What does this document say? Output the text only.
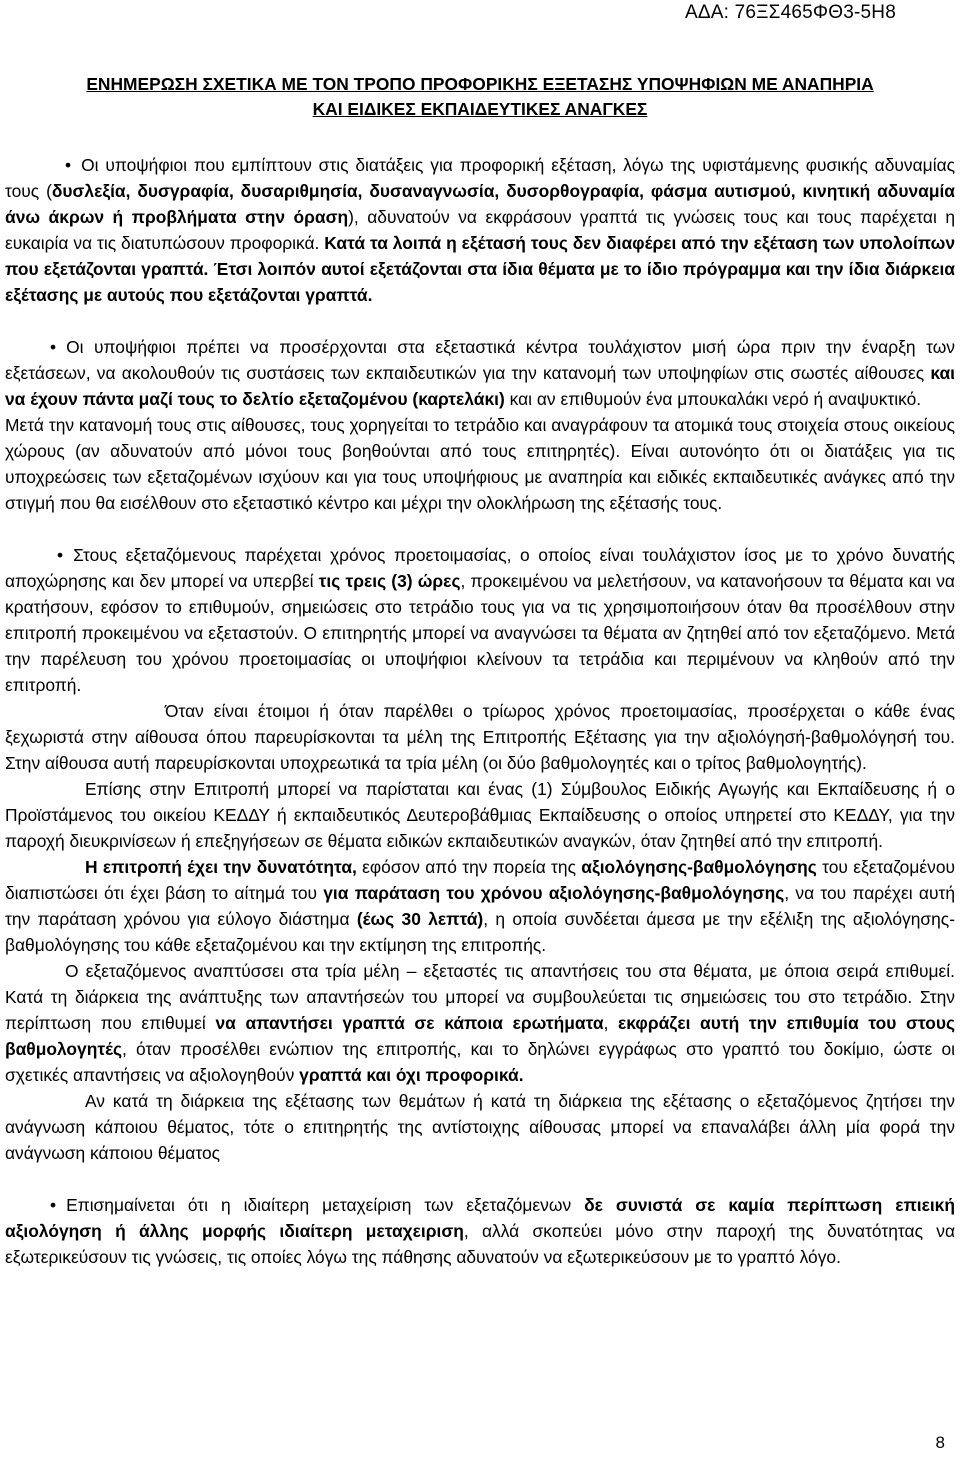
ΑΔΑ: 76ΞΣ465ΦΘ3-5Η8
ΕΝΗΜΕΡΩΣΗ ΣΧΕΤΙΚΑ ΜΕ ΤΟΝ ΤΡΟΠΟ ΠΡΟΦΟΡΙΚΗΣ ΕΞΕΤΑΣΗΣ ΥΠΟΨΗΦΙΩΝ ΜΕ ΑΝΑΠΗΡΙΑ
ΚΑΙ ΕΙΔΙΚΕΣ ΕΚΠΑΙΔΕΥΤΙΚΕΣ ΑΝΑΓΚΕΣ

• Οι υποψήφιοι που εμπίπτουν στις διατάξεις για προφορική εξέταση, λόγω της υφιστάμενης φυσικής αδυναμίας τους (δυσλεξία, δυσγραφία, δυσαριθμησία, δυσαναγνωσία, δυσορθογραφία, φάσμα αυτισμού, κινητική αδυναμία άνω άκρων ή προβλήματα στην όραση), αδυνατούν να εκφράσουν γραπτά τις γνώσεις τους και τους παρέχεται η ευκαιρία να τις διατυπώσουν προφορικά. Κατά τα λοιπά η εξέτασή τους δεν διαφέρει από την εξέταση των υπολοίπων που εξετάζονται γραπτά. Έτσι λοιπόν αυτοί εξετάζονται στα ίδια θέματα με το ίδιο πρόγραμμα και την ίδια διάρκεια εξέτασης με αυτούς που εξετάζονται γραπτά.

• Οι υποψήφιοι πρέπει να προσέρχονται στα εξεταστικά κέντρα τουλάχιστον μισή ώρα πριν την έναρξη των εξετάσεων, να ακολουθούν τις συστάσεις των εκπαιδευτικών για την κατανομή των υποψηφίων στις σωστές αίθουσες και να έχουν πάντα μαζί τους το δελτίο εξεταζομένου (καρτελάκι) και αν επιθυμούν ένα μπουκαλάκι νερό ή αναψυκτικό.

Μετά την κατανομή τους στις αίθουσες, τους χορηγείται το τετράδιο και αναγράφουν τα ατομικά τους στοιχεία στους οικείους χώρους (αν αδυνατούν από μόνοι τους βοηθούνται από τους επιτηρητές). Είναι αυτονόητο ότι οι διατάξεις για τις υποχρεώσεις των εξεταζομένων ισχύουν και για τους υποψήφιους με αναπηρία και ειδικές εκπαιδευτικές ανάγκες από την στιγμή που θα εισέλθουν στο εξεταστικό κέντρο και μέχρι την ολοκλήρωση της εξέτασής τους.

• Στους εξεταζόμενους παρέχεται χρόνος προετοιμασίας, ο οποίος είναι τουλάχιστον ίσος με το χρόνο δυνατής αποχώρησης και δεν μπορεί να υπερβεί τις τρεις (3) ώρες, προκειμένου να μελετήσουν, να κατανοήσουν τα θέματα και να κρατήσουν, εφόσον το επιθυμούν, σημειώσεις στο τετράδιο τους για να τις χρησιμοποιήσουν όταν θα προσέλθουν στην επιτροπή προκειμένου να εξεταστούν. Ο επιτηρητής μπορεί να αναγνώσει τα θέματα αν ζητηθεί από τον εξεταζόμενο. Μετά την παρέλευση του χρόνου προετοιμασίας οι υποψήφιοι κλείνουν τα τετράδια και περιμένουν να κληθούν από την επιτροπή.

Όταν είναι έτοιμοι ή όταν παρέλθει ο τρίωρος χρόνος προετοιμασίας, προσέρχεται ο κάθε ένας ξεχωριστά στην αίθουσα όπου παρευρίσκονται τα μέλη της Επιτροπής Εξέτασης για την αξιολόγησή-βαθμολόγησή του. Στην αίθουσα αυτή παρευρίσκονται υποχρεωτικά τα τρία μέλη (οι δύο βαθμολογητές και ο τρίτος βαθμολογητής).

Επίσης στην Επιτροπή μπορεί να παρίσταται και ένας (1) Σύμβουλος Ειδικής Αγωγής και Εκπαίδευσης ή ο Προϊστάμενος του οικείου ΚΕΔΔΥ ή εκπαιδευτικός Δευτεροβάθμιας Εκπαίδευσης ο οποίος υπηρετεί στο ΚΕΔΔΥ, για την παροχή διευκρινίσεων ή επεξηγήσεων σε θέματα ειδικών εκπαιδευτικών αναγκών, όταν ζητηθεί από την επιτροπή.

Η επιτροπή έχει την δυνατότητα, εφόσον από την πορεία της αξιολόγησης-βαθμολόγησης του εξεταζομένου διαπιστώσει ότι έχει βάση το αίτημά του για παράταση του χρόνου αξιολόγησης-βαθμολόγησης, να του παρέχει αυτή την παράταση χρόνου για εύλογο διάστημα (έως 30 λεπτά), η οποία συνδέεται άμεσα με την εξέλιξη της αξιολόγησης-βαθμολόγησης του κάθε εξεταζομένου και την εκτίμηση της επιτροπής.

Ο εξεταζόμενος αναπτύσσει στα τρία μέλη – εξεταστές τις απαντήσεις του στα θέματα, με όποια σειρά επιθυμεί. Κατά τη διάρκεια της ανάπτυξης των απαντήσεών του μπορεί να συμβουλεύεται τις σημειώσεις του στο τετράδιο. Στην περίπτωση που επιθυμεί να απαντήσει γραπτά σε κάποια ερωτήματα, εκφράζει αυτή την επιθυμία του στους βαθμολογητές, όταν προσέλθει ενώπιον της επιτροπής, και το δηλώνει εγγράφως στο γραπτό του δοκίμιο, ώστε οι σχετικές απαντήσεις να αξιολογηθούν γραπτά και όχι προφορικά.

Αν κατά τη διάρκεια της εξέτασης των θεμάτων ή κατά τη διάρκεια της εξέτασης ο εξεταζόμενος ζητήσει την ανάγνωση κάποιου θέματος, τότε ο επιτηρητής της αντίστοιχης αίθουσας μπορεί να επαναλάβει άλλη μία φορά την ανάγνωση κάποιου θέματος

• Επισημαίνεται ότι η ιδιαίτερη μεταχείριση των εξεταζόμενων δε συνιστά σε καμία περίπτωση επιεική αξιολόγηση ή άλλης μορφής ιδιαίτερη μεταχειριση, αλλά σκοπεύει μόνο στην παροχή της δυνατότητας να εξωτερικεύσουν τις γνώσεις, τις οποίες λόγω της πάθησης αδυνατούν να εξωτερικεύσουν με το γραπτό λόγο.

8
